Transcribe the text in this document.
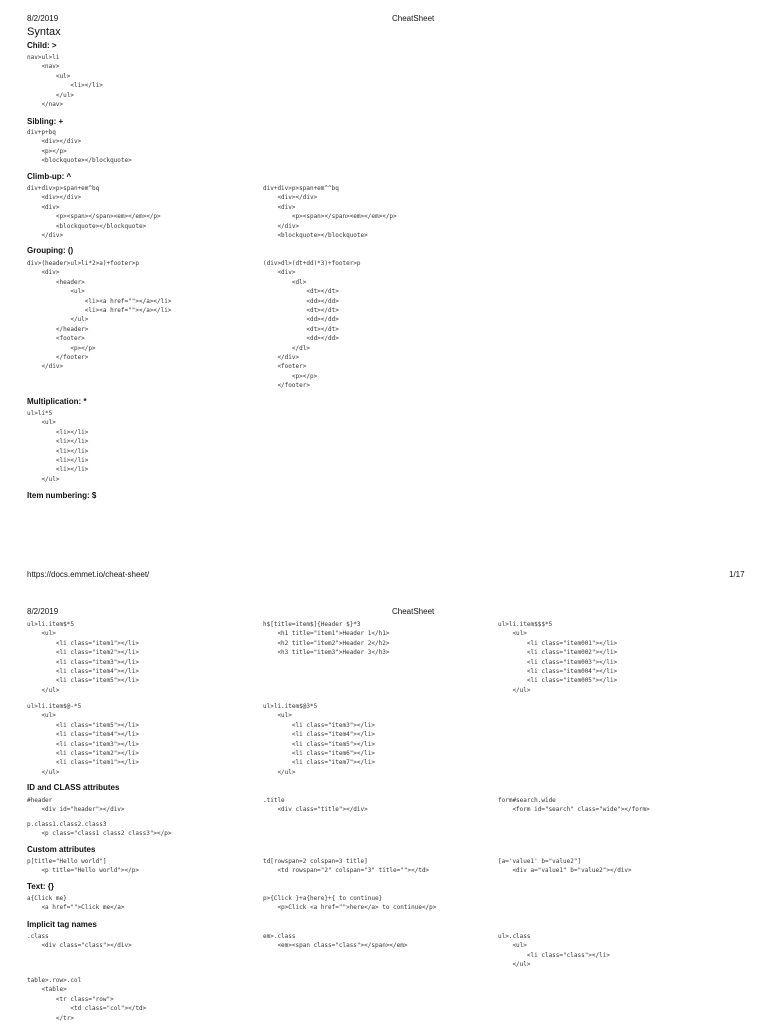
8/2/2019	CheatSheet
Syntax
Child: >
nav>ul>li
<nav>
<ul>
<li></li>
</ul>
</nav>
Sibling: +
div+p+bq
<div></div>
<p></p>
<blockquote></blockquote>
Climb-up: ^
div+div>p>span+em^bq
<div></div>
<div>
<p><span></span><em></em></p>
<blockquote></blockquote>
</div>
div+div>p>span+em^^bq
<div></div>
<div>
<p><span></span><em></em></p>
</div>
<blockquote></blockquote>
Grouping: ()
div>(header>ul>li*2>a)+footer>p
<div>
<header>
<ul>
<li><a href=""></a></li>
<li><a href=""></a></li>
</ul>
</header>
<footer>
<p></p>
</footer>
</div>
(div>dl>(dt+dd)*3)+footer>p
<div>
<dl>
<dt></dt>
<dd></dd>
<dt></dt>
<dd></dd>
<dt></dt>
<dd></dd>
</dl>
</div>
<footer>
<p></p>
</footer>
Multiplication: *
ul>li*5
<ul>
<li></li>
<li></li>
<li></li>
<li></li>
<li></li>
</ul>
Item numbering: $
https://docs.emmet.io/cheat-sheet/	1/17
8/2/2019	CheatSheet
ul>li.item$*5
<ul>
<li class="item1"></li>
<li class="item2"></li>
<li class="item3"></li>
<li class="item4"></li>
<li class="item5"></li>
</ul>
h$[title=item$]{Header $}*3
<h1 title="item1">Header 1</h1>
<h2 title="item2">Header 2</h2>
<h3 title="item3">Header 3</h3>
ul>li.item$$$*5
<ul>
<li class="item001"></li>
<li class="item002"></li>
<li class="item003"></li>
<li class="item004"></li>
<li class="item005"></li>
</ul>
ul>li.item$@-*5
<ul>
<li class="item5"></li>
<li class="item4"></li>
<li class="item3"></li>
<li class="item2"></li>
<li class="item1"></li>
</ul>
ul>li.item$@3*5
<ul>
<li class="item3"></li>
<li class="item4"></li>
<li class="item5"></li>
<li class="item6"></li>
<li class="item7"></li>
</ul>
ID and CLASS attributes
#header
<div id="header"></div>
.title
<div class="title"></div>
form#search.wide
<form id="search" class="wide"></form>
p.class1.class2.class3
<p class="class1 class2 class3"></p>
Custom attributes
p[title="Hello world"]
<p title="Hello world"></p>
td[rowspan=2 colspan=3 title]
<td rowspan="2" colspan="3" title=""></td>
[a='value1' b="value2"]
<div a="value1" b="value2"></div>
Text: {}
a{Click me}
<a href="">Click me</a>
p>{Click }+a{here}+{ to continue}
<p>Click <a href="">here</a> to continue</p>
Implicit tag names
.class
<div class="class"></div>
em>.class
<em><span class="class"></span></em>
ul>.class
<ul>
<li class="class"></li>
</ul>
table>.row>.col
<table>
<tr class="row">
<td class="col"></td>
</tr>
